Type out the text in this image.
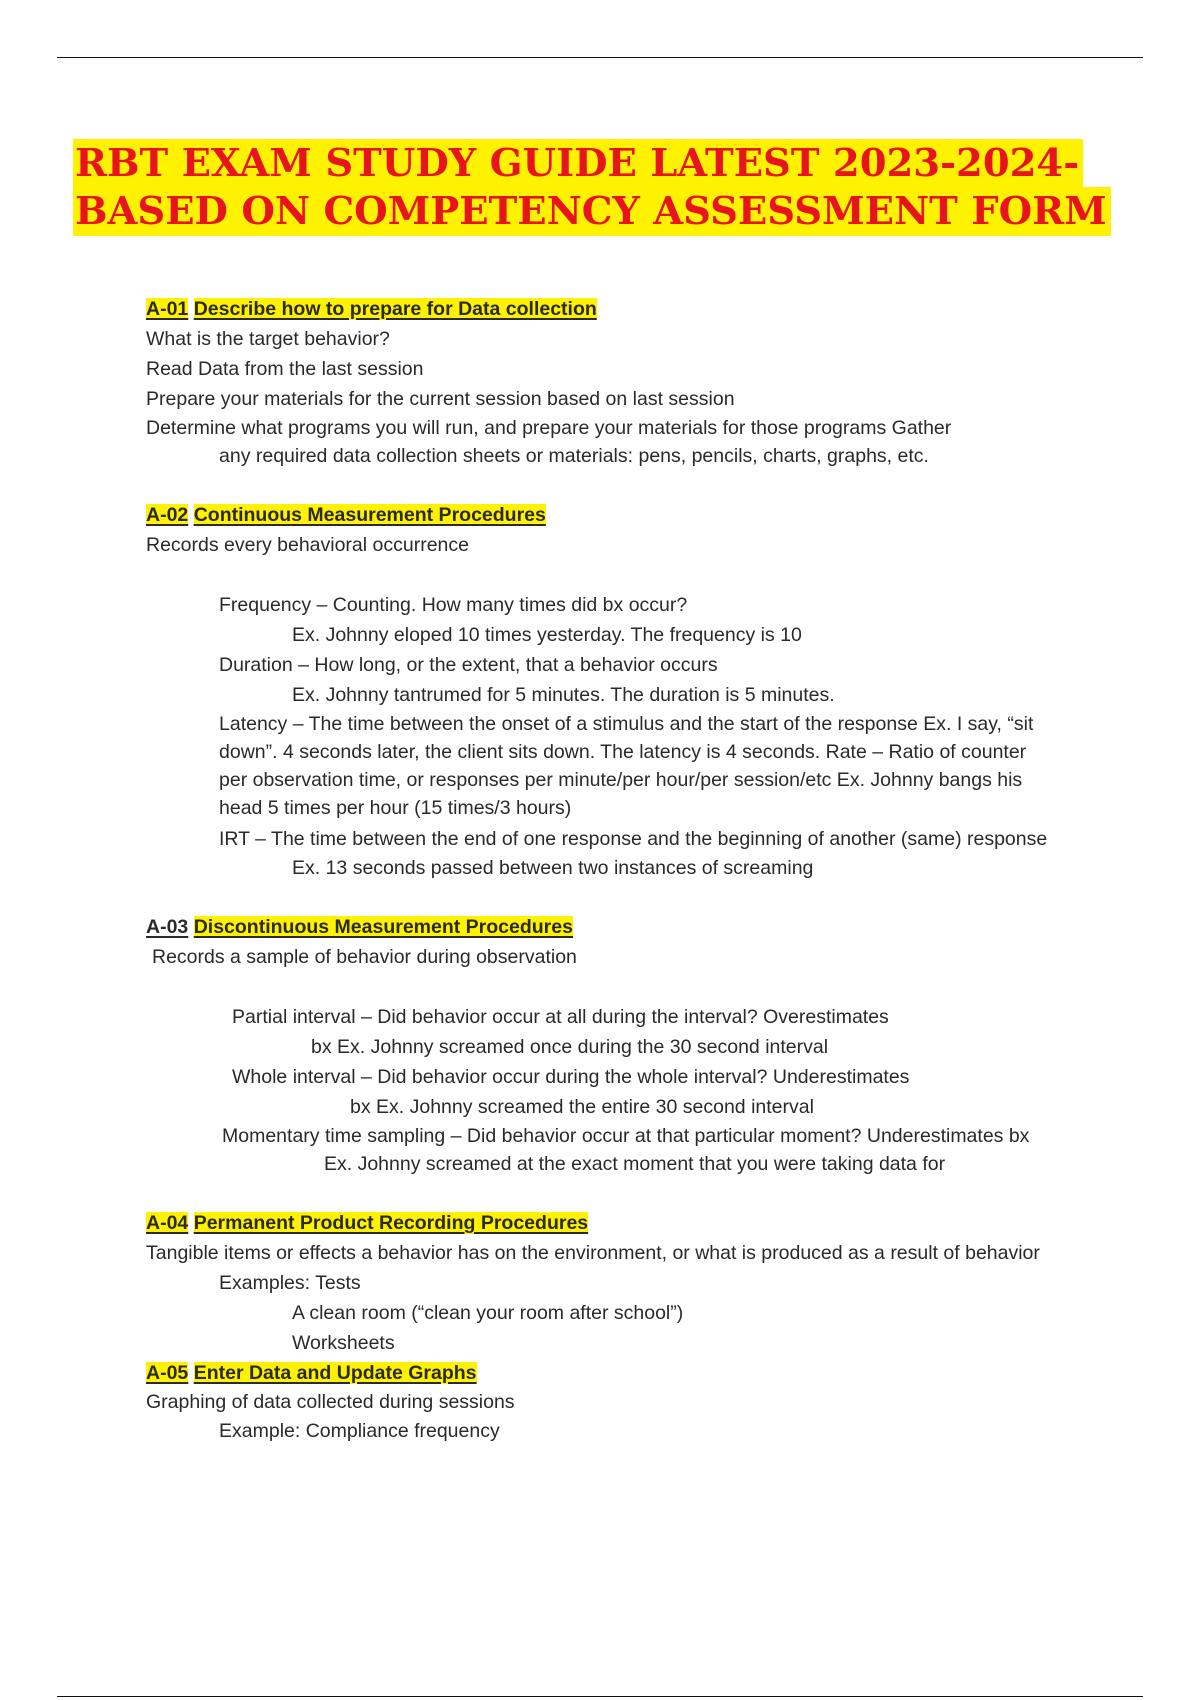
RBT EXAM STUDY GUIDE LATEST 2023-2024-
BASED ON COMPETENCY ASSESSMENT FORM
A-01 Describe how to prepare for Data collection
What is the target behavior?
Read Data from the last session
Prepare your materials for the current session based on last session
Determine what programs you will run, and prepare your materials for those programs Gather
any required data collection sheets or materials: pens, pencils, charts, graphs, etc.
A-02 Continuous Measurement Procedures
Records every behavioral occurrence
Frequency – Counting. How many times did bx occur?
Ex. Johnny eloped 10 times yesterday. The frequency is 10
Duration – How long, or the extent, that a behavior occurs
Ex. Johnny tantrumed for 5 minutes. The duration is 5 minutes.
Latency – The time between the onset of a stimulus and the start of the response Ex. I say, “sit down”. 4 seconds later, the client sits down. The latency is 4 seconds. Rate – Ratio of counter per observation time, or responses per minute/per hour/per session/etc Ex. Johnny bangs his head 5 times per hour (15 times/3 hours)
IRT – The time between the end of one response and the beginning of another (same) response
Ex. 13 seconds passed between two instances of screaming
A-03 Discontinuous Measurement Procedures
Records a sample of behavior during observation
Partial interval – Did behavior occur at all during the interval? Overestimates
bx Ex. Johnny screamed once during the 30 second interval
Whole interval – Did behavior occur during the whole interval? Underestimates
bx Ex. Johnny screamed the entire 30 second interval
Momentary time sampling – Did behavior occur at that particular moment? Underestimates bx
Ex. Johnny screamed at the exact moment that you were taking data for
A-04 Permanent Product Recording Procedures
Tangible items or effects a behavior has on the environment, or what is produced as a result of behavior
Examples: Tests
A clean room (“clean your room after school”)
Worksheets
A-05 Enter Data and Update Graphs
Graphing of data collected during sessions
Example: Compliance frequency
